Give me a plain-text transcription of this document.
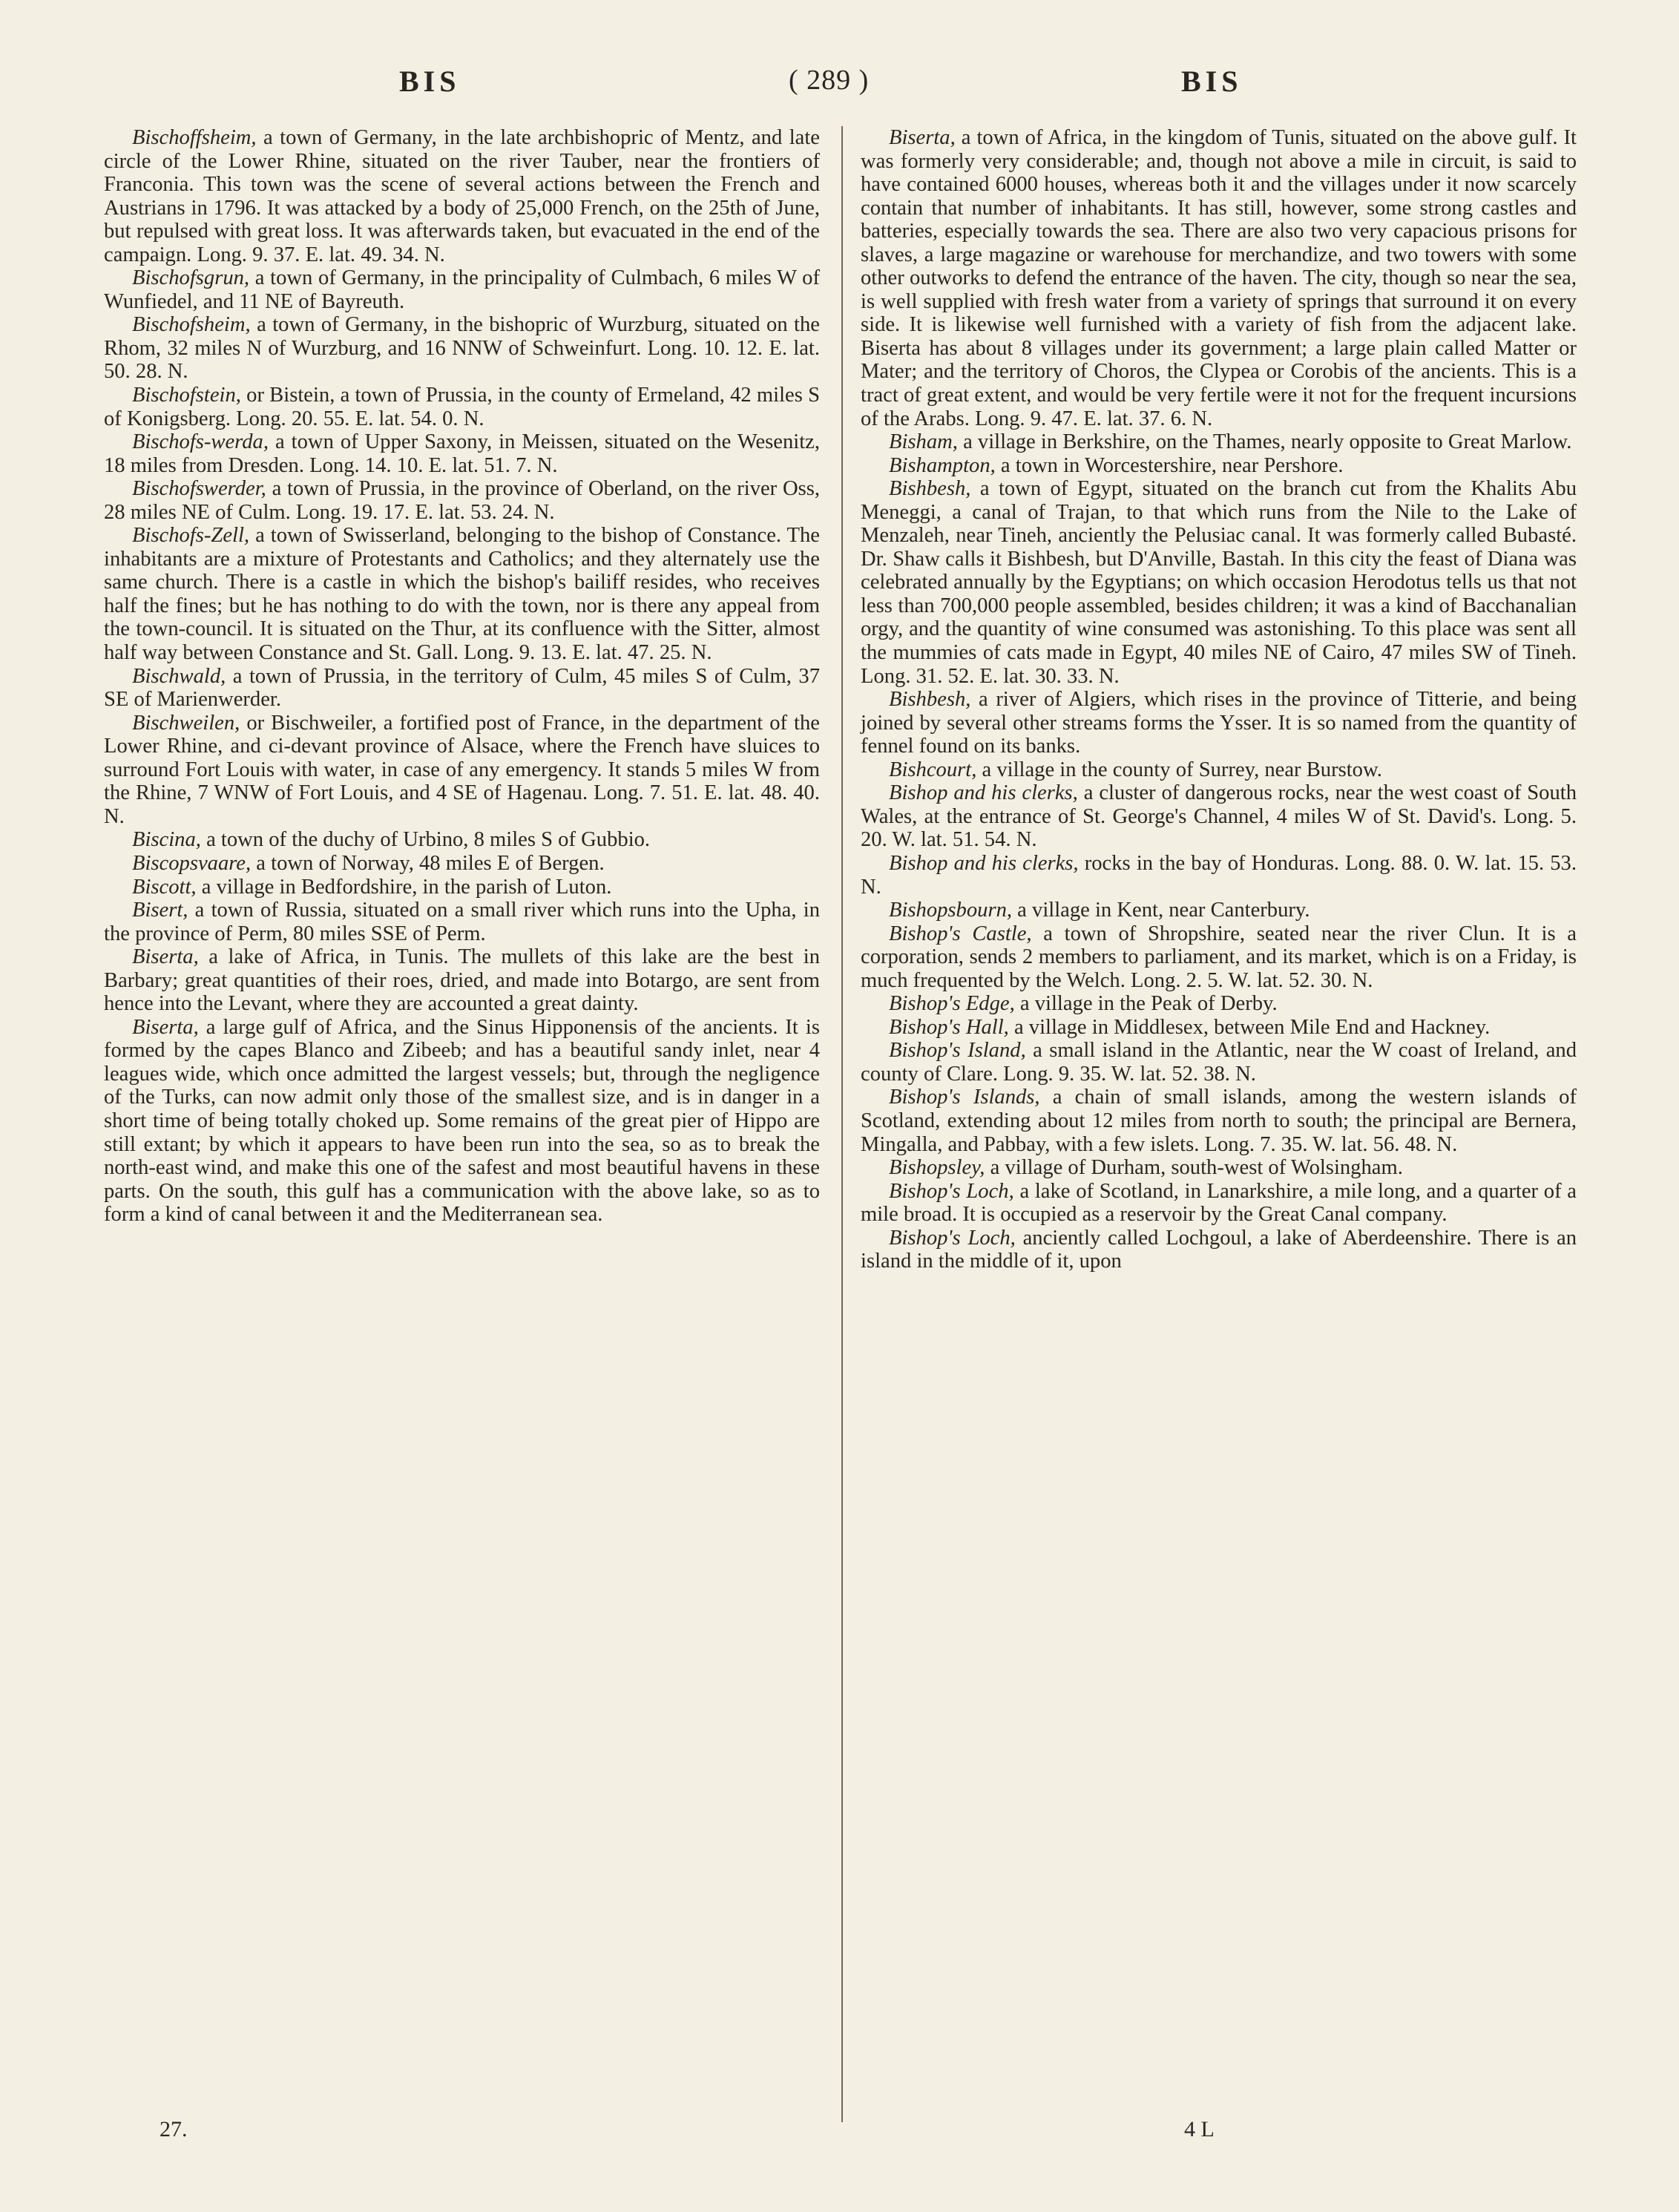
BIS	( 289 )	BIS

Bischoffsheim, a town of Germany, in the late archbishopric of Mentz, and late circle of the Lower Rhine, situated on the river Tauber, near the frontiers of Franconia. This town was the scene of several actions between the French and Austrians in 1796. It was attacked by a body of 25,000 French, on the 25th of June, but repulsed with great loss. It was afterwards taken, but evacuated in the end of the campaign. Long. 9. 37. E. lat. 49. 34. N.

Bischofsgrun, a town of Germany, in the principality of Culmbach, 6 miles W of Wunfiedel, and 11 NE of Bayreuth.

Bischofsheim, a town of Germany, in the bishopric of Wurzburg, situated on the Rhom, 32 miles N of Wurzburg, and 16 NNW of Schweinfurt. Long. 10. 12. E. lat. 50. 28. N.

Bischofstein, or Bistein, a town of Prussia, in the county of Ermeland, 42 miles S of Konigsberg. Long. 20. 55. E. lat. 54. 0. N.

Bischofs-werda, a town of Upper Saxony, in Meissen, situated on the Wesenitz, 18 miles from Dresden. Long. 14. 10. E. lat. 51. 7. N.

Bischofswerder, a town of Prussia, in the province of Oberland, on the river Oss, 28 miles NE of Culm. Long. 19. 17. E. lat. 53. 24. N.

Bischofs-Zell, a town of Swisserland, belonging to the bishop of Constance. The inhabitants are a mixture of Protestants and Catholics; and they alternately use the same church. There is a castle in which the bishop's bailiff resides, who receives half the fines; but he has nothing to do with the town, nor is there any appeal from the town-council. It is situated on the Thur, at its confluence with the Sitter, almost half way between Constance and St. Gall. Long. 9. 13. E. lat. 47. 25. N.

Bischwald, a town of Prussia, in the territory of Culm, 45 miles S of Culm, 37 SE of Marienwerder.

Bischweilen, or Bischweiler, a fortified post of France, in the department of the Lower Rhine, and ci-devant province of Alsace, where the French have sluices to surround Fort Louis with water, in case of any emergency. It stands 5 miles W from the Rhine, 7 WNW of Fort Louis, and 4 SE of Hagenau. Long. 7. 51. E. lat. 48. 40. N.

Biscina, a town of the duchy of Urbino, 8 miles S of Gubbio.

Biscopsvaare, a town of Norway, 48 miles E of Bergen.

Biscott, a village in Bedfordshire, in the parish of Luton.

Bisert, a town of Russia, situated on a small river which runs into the Upha, in the province of Perm, 80 miles SSE of Perm.

Biserta, a lake of Africa, in Tunis. The mullets of this lake are the best in Barbary; great quantities of their roes, dried, and made into Botargo, are sent from hence into the Levant, where they are accounted a great dainty.

Biserta, a large gulf of Africa, and the Sinus Hipponensis of the ancients. It is formed by the capes Blanco and Zibeeb; and has a beautiful sandy inlet, near 4 leagues wide, which once admitted the largest vessels; but, through the negligence of the Turks, can now admit only those of the smallest size, and is in danger in a short time of being totally choked up. Some remains of the great pier of Hippo are still extant; by which it appears to have been run into the sea, so as to break the north-east wind, and make this one of the safest and most beautiful havens in these parts. On the south, this gulf has a communication with the above lake, so as to form a kind of canal between it and the Mediterranean sea.

Biserta, a town of Africa, in the kingdom of Tunis, situated on the above gulf. It was formerly very considerable; and, though not above a mile in circuit, is said to have contained 6000 houses, whereas both it and the villages under it now scarcely contain that number of inhabitants. It has still, however, some strong castles and batteries, especially towards the sea. There are also two very capacious prisons for slaves, a large magazine or warehouse for merchandize, and two towers with some other outworks to defend the entrance of the haven. The city, though so near the sea, is well supplied with fresh water from a variety of springs that surround it on every side. It is likewise well furnished with a variety of fish from the adjacent lake. Biserta has about 8 villages under its government; a large plain called Matter or Mater; and the territory of Choros, the Clypea or Corobis of the ancients. This is a tract of great extent, and would be very fertile were it not for the frequent incursions of the Arabs. Long. 9. 47. E. lat. 37. 6. N.

Bisham, a village in Berkshire, on the Thames, nearly opposite to Great Marlow.

Bishampton, a town in Worcestershire, near Pershore.

Bishbesh, a town of Egypt, situated on the branch cut from the Khalits Abu Meneggi, a canal of Trajan, to that which runs from the Nile to the Lake of Menzaleh, near Tineh, anciently the Pelusiac canal. It was formerly called Bubasté. Dr. Shaw calls it Bishbesh, but D'Anville, Bastah. In this city the feast of Diana was celebrated annually by the Egyptians; on which occasion Herodotus tells us that not less than 700,000 people assembled, besides children; it was a kind of Bacchanalian orgy, and the quantity of wine consumed was astonishing. To this place was sent all the mummies of cats made in Egypt, 40 miles NE of Cairo, 47 miles SW of Tineh. Long. 31. 52. E. lat. 30. 33. N.

Bishbesh, a river of Algiers, which rises in the province of Titterie, and being joined by several other streams forms the Ysser. It is so named from the quantity of fennel found on its banks.

Bishcourt, a village in the county of Surrey, near Burstow.

Bishop and his clerks, a cluster of dangerous rocks, near the west coast of South Wales, at the entrance of St. George's Channel, 4 miles W of St. David's. Long. 5. 20. W. lat. 51. 54. N.

Bishop and his clerks, rocks in the bay of Honduras. Long. 88. 0. W. lat. 15. 53. N.

Bishopsbourn, a village in Kent, near Canterbury.

Bishop's Castle, a town of Shropshire, seated near the river Clun. It is a corporation, sends 2 members to parliament, and its market, which is on a Friday, is much frequented by the Welch. Long. 2. 5. W. lat. 52. 30. N.

Bishop's Edge, a village in the Peak of Derby.

Bishop's Hall, a village in Middlesex, between Mile End and Hackney.

Bishop's Island, a small island in the Atlantic, near the W coast of Ireland, and county of Clare. Long. 9. 35. W. lat. 52. 38. N.

Bishop's Islands, a chain of small islands, among the western islands of Scotland, extending about 12 miles from north to south; the principal are Bernera, Mingalla, and Pabbay, with a few islets. Long. 7. 35. W. lat. 56. 48. N.

Bishopsley, a village of Durham, south-west of Wolsingham.

Bishop's Loch, a lake of Scotland, in Lanarkshire, a mile long, and a quarter of a mile broad. It is occupied as a reservoir by the Great Canal company.

Bishop's Loch, anciently called Lochgoul, a lake of Aberdeenshire. There is an island in the middle of it, upon

27.	4 L
